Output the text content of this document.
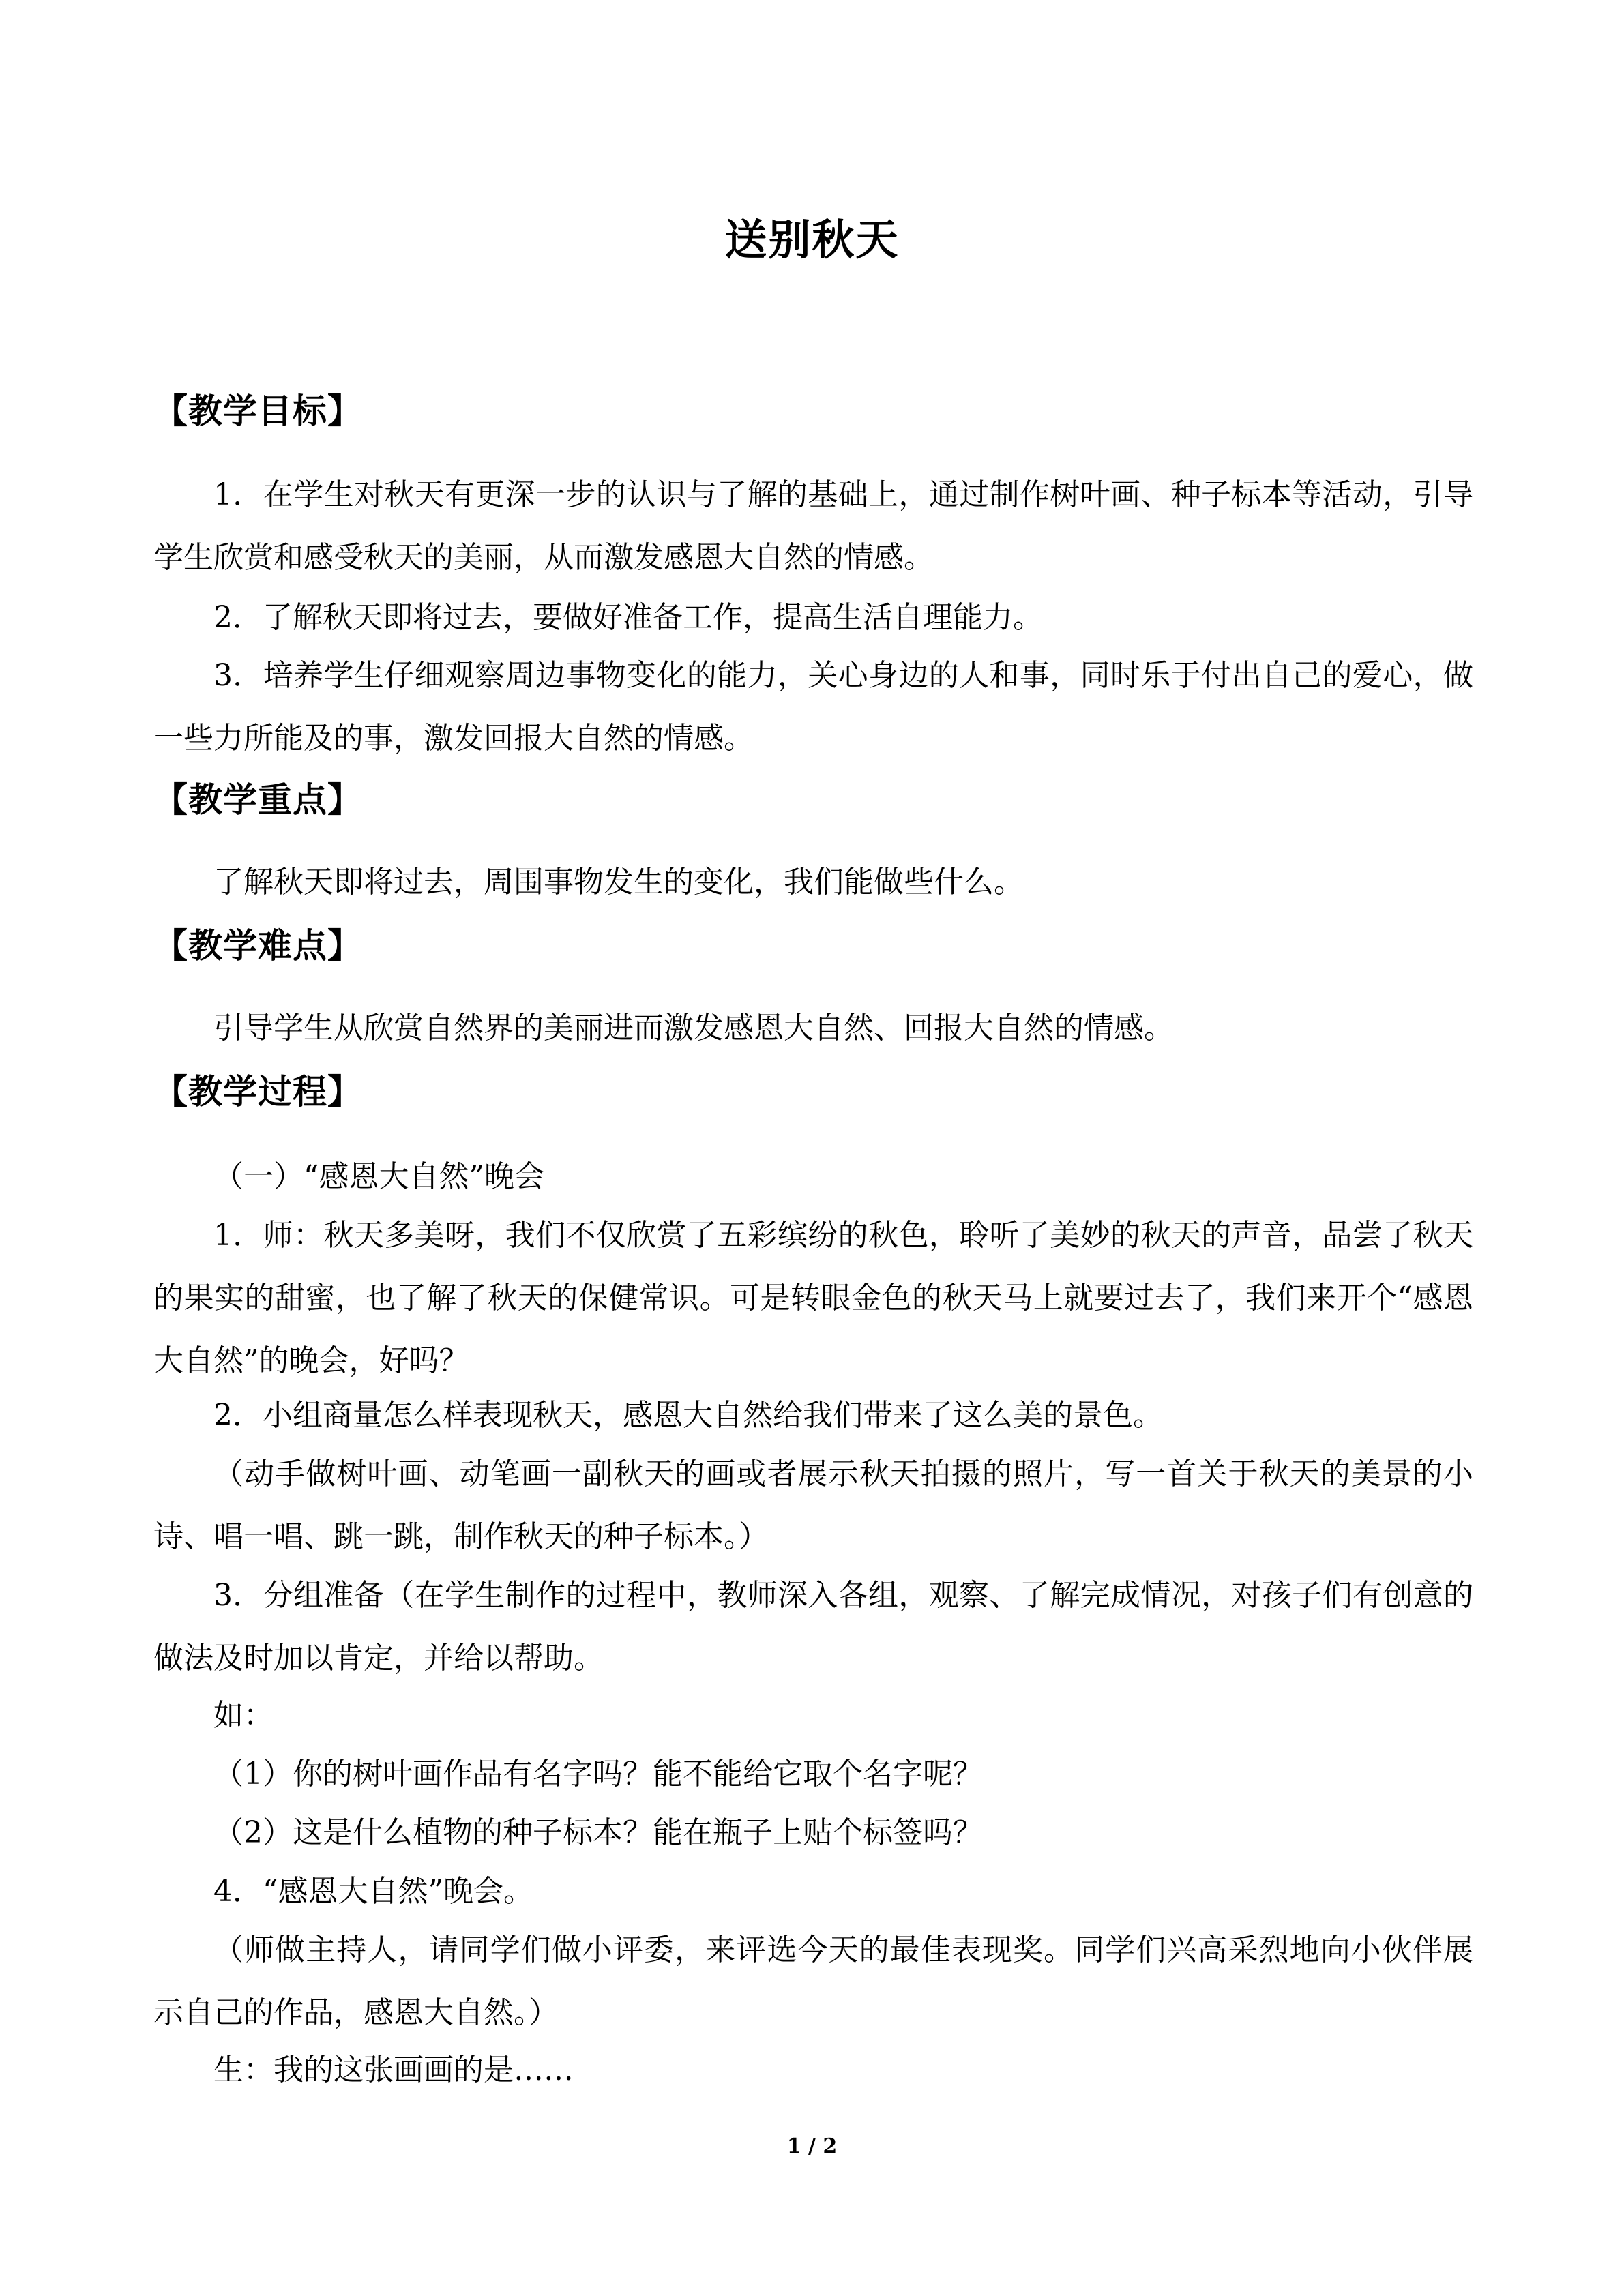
送别秋天
【教学目标】
1．在学生对秋天有更深一步的认识与了解的基础上，通过制作树叶画、种子标本等活动，引导学生欣赏和感受秋天的美丽，从而激发感恩大自然的情感。
2．了解秋天即将过去，要做好准备工作，提高生活自理能力。
3．培养学生仔细观察周边事物变化的能力，关心身边的人和事，同时乐于付出自己的爱心，做一些力所能及的事，激发回报大自然的情感。
【教学重点】
了解秋天即将过去，周围事物发生的变化，我们能做些什么。
【教学难点】
引导学生从欣赏自然界的美丽进而激发感恩大自然、回报大自然的情感。
【教学过程】
（一）“感恩大自然”晚会
1．师：秋天多美呀，我们不仅欣赏了五彩缤纷的秋色，聆听了美妙的秋天的声音，品尝了秋天的果实的甜蜜，也了解了秋天的保健常识。可是转眼金色的秋天马上就要过去了，我们来开个“感恩大自然”的晚会，好吗？
2．小组商量怎么样表现秋天，感恩大自然给我们带来了这么美的景色。
（动手做树叶画、动笔画一副秋天的画或者展示秋天拍摄的照片，写一首关于秋天的美景的小诗、唱一唱、跳一跳，制作秋天的种子标本。）
3．分组准备（在学生制作的过程中，教师深入各组，观察、了解完成情况，对孩子们有创意的做法及时加以肯定，并给以帮助。
如：
（1）你的树叶画作品有名字吗？能不能给它取个名字呢？
（2）这是什么植物的种子标本？能在瓶子上贴个标签吗？
4．“感恩大自然”晚会。
（师做主持人，请同学们做小评委，来评选今天的最佳表现奖。同学们兴高采烈地向小伙伴展示自己的作品，感恩大自然。）
生：我的这张画画的是……
1 / 2
